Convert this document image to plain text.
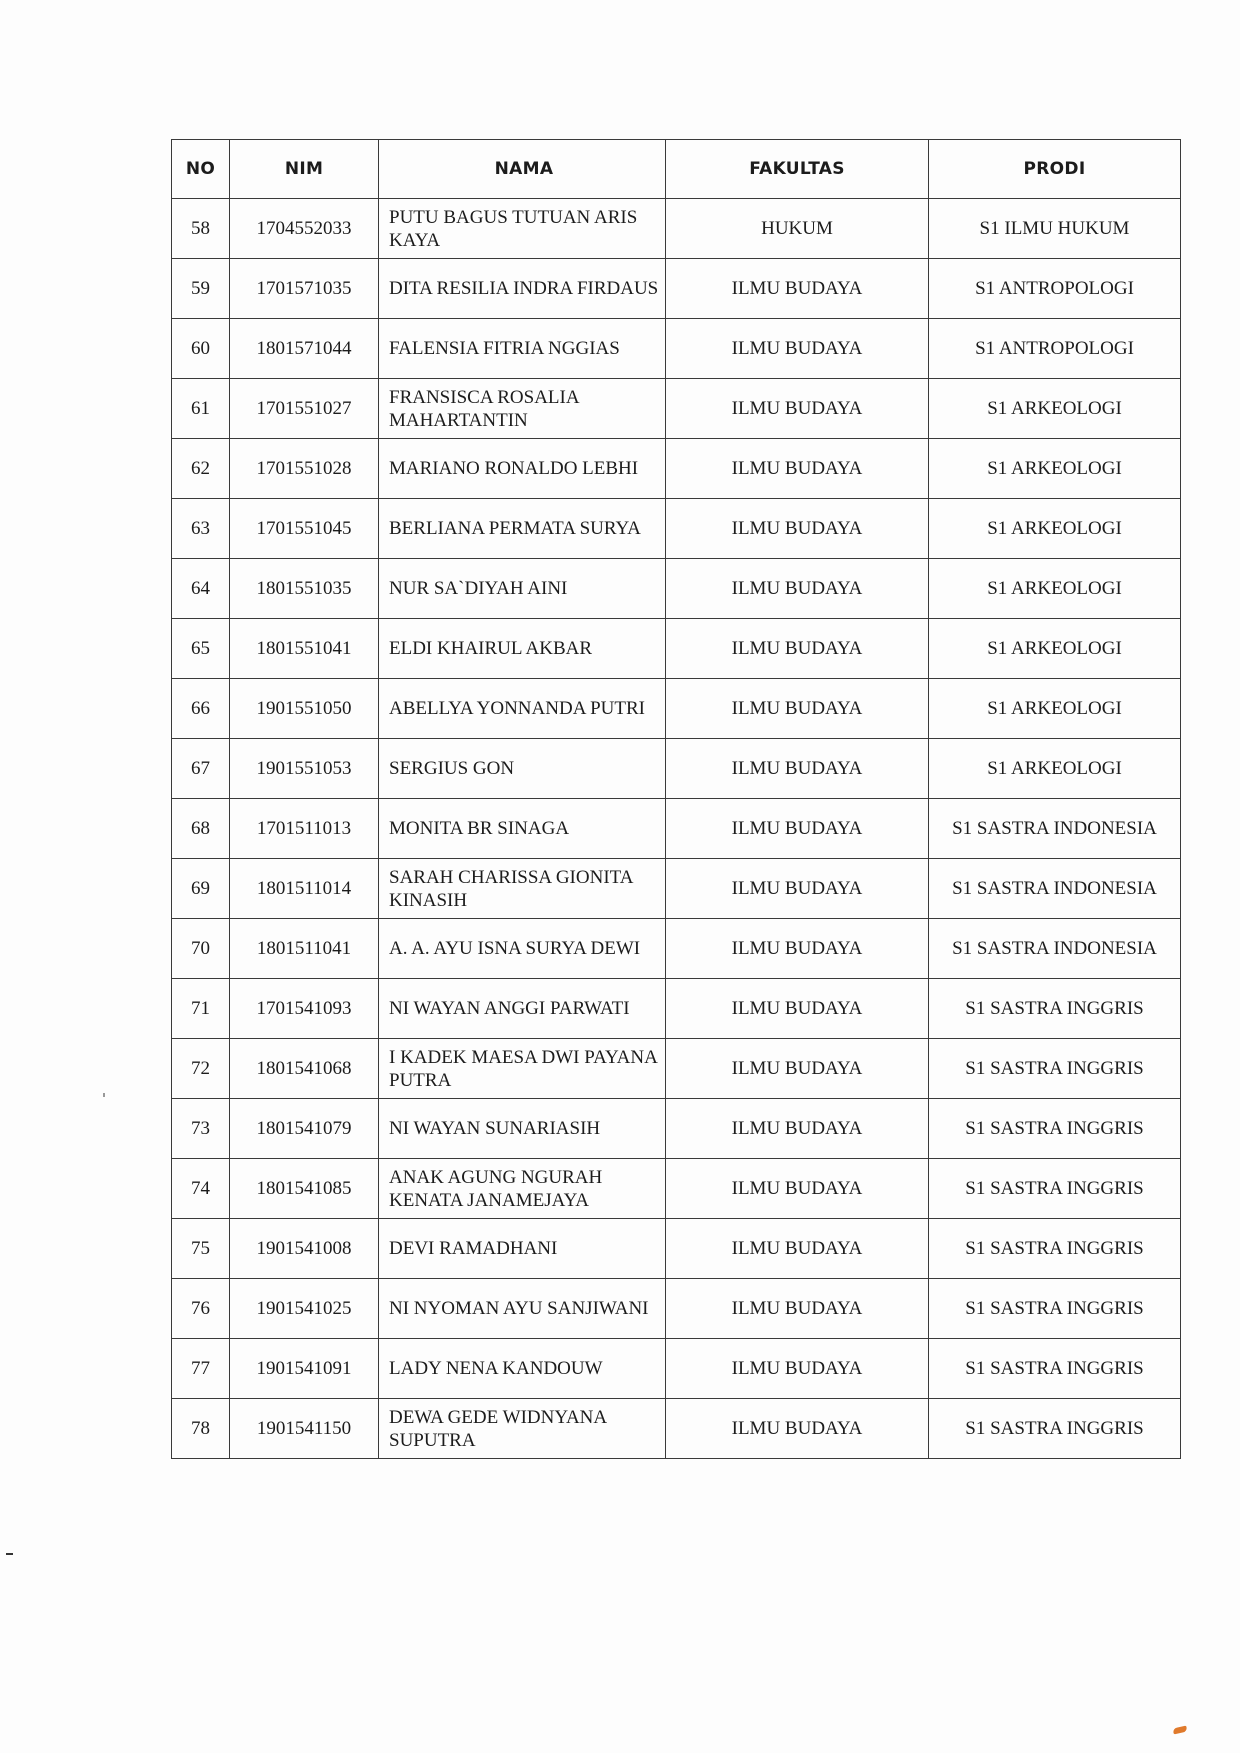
NO	NIM	NAMA	FAKULTAS	PRODI
58	1704552033	PUTU BAGUS TUTUAN ARIS KAYA	HUKUM	S1 ILMU HUKUM
59	1701571035	DITA RESILIA INDRA FIRDAUS	ILMU BUDAYA	S1 ANTROPOLOGI
60	1801571044	FALENSIA FITRIA NGGIAS	ILMU BUDAYA	S1 ANTROPOLOGI
61	1701551027	FRANSISCA ROSALIA MAHARTANTIN	ILMU BUDAYA	S1 ARKEOLOGI
62	1701551028	MARIANO RONALDO LEBHI	ILMU BUDAYA	S1 ARKEOLOGI
63	1701551045	BERLIANA PERMATA SURYA	ILMU BUDAYA	S1 ARKEOLOGI
64	1801551035	NUR SA`DIYAH AINI	ILMU BUDAYA	S1 ARKEOLOGI
65	1801551041	ELDI KHAIRUL AKBAR	ILMU BUDAYA	S1 ARKEOLOGI
66	1901551050	ABELLYA YONNANDA PUTRI	ILMU BUDAYA	S1 ARKEOLOGI
67	1901551053	SERGIUS GON	ILMU BUDAYA	S1 ARKEOLOGI
68	1701511013	MONITA BR SINAGA	ILMU BUDAYA	S1 SASTRA INDONESIA
69	1801511014	SARAH CHARISSA GIONITA KINASIH	ILMU BUDAYA	S1 SASTRA INDONESIA
70	1801511041	A. A. AYU ISNA SURYA DEWI	ILMU BUDAYA	S1 SASTRA INDONESIA
71	1701541093	NI WAYAN ANGGI PARWATI	ILMU BUDAYA	S1 SASTRA INGGRIS
72	1801541068	I KADEK MAESA DWI PAYANA PUTRA	ILMU BUDAYA	S1 SASTRA INGGRIS
73	1801541079	NI WAYAN SUNARIASIH	ILMU BUDAYA	S1 SASTRA INGGRIS
74	1801541085	ANAK AGUNG NGURAH KENATA JANAMEJAYA	ILMU BUDAYA	S1 SASTRA INGGRIS
75	1901541008	DEVI RAMADHANI	ILMU BUDAYA	S1 SASTRA INGGRIS
76	1901541025	NI NYOMAN AYU SANJIWANI	ILMU BUDAYA	S1 SASTRA INGGRIS
77	1901541091	LADY NENA KANDOUW	ILMU BUDAYA	S1 SASTRA INGGRIS
78	1901541150	DEWA GEDE WIDNYANA SUPUTRA	ILMU BUDAYA	S1 SASTRA INGGRIS
